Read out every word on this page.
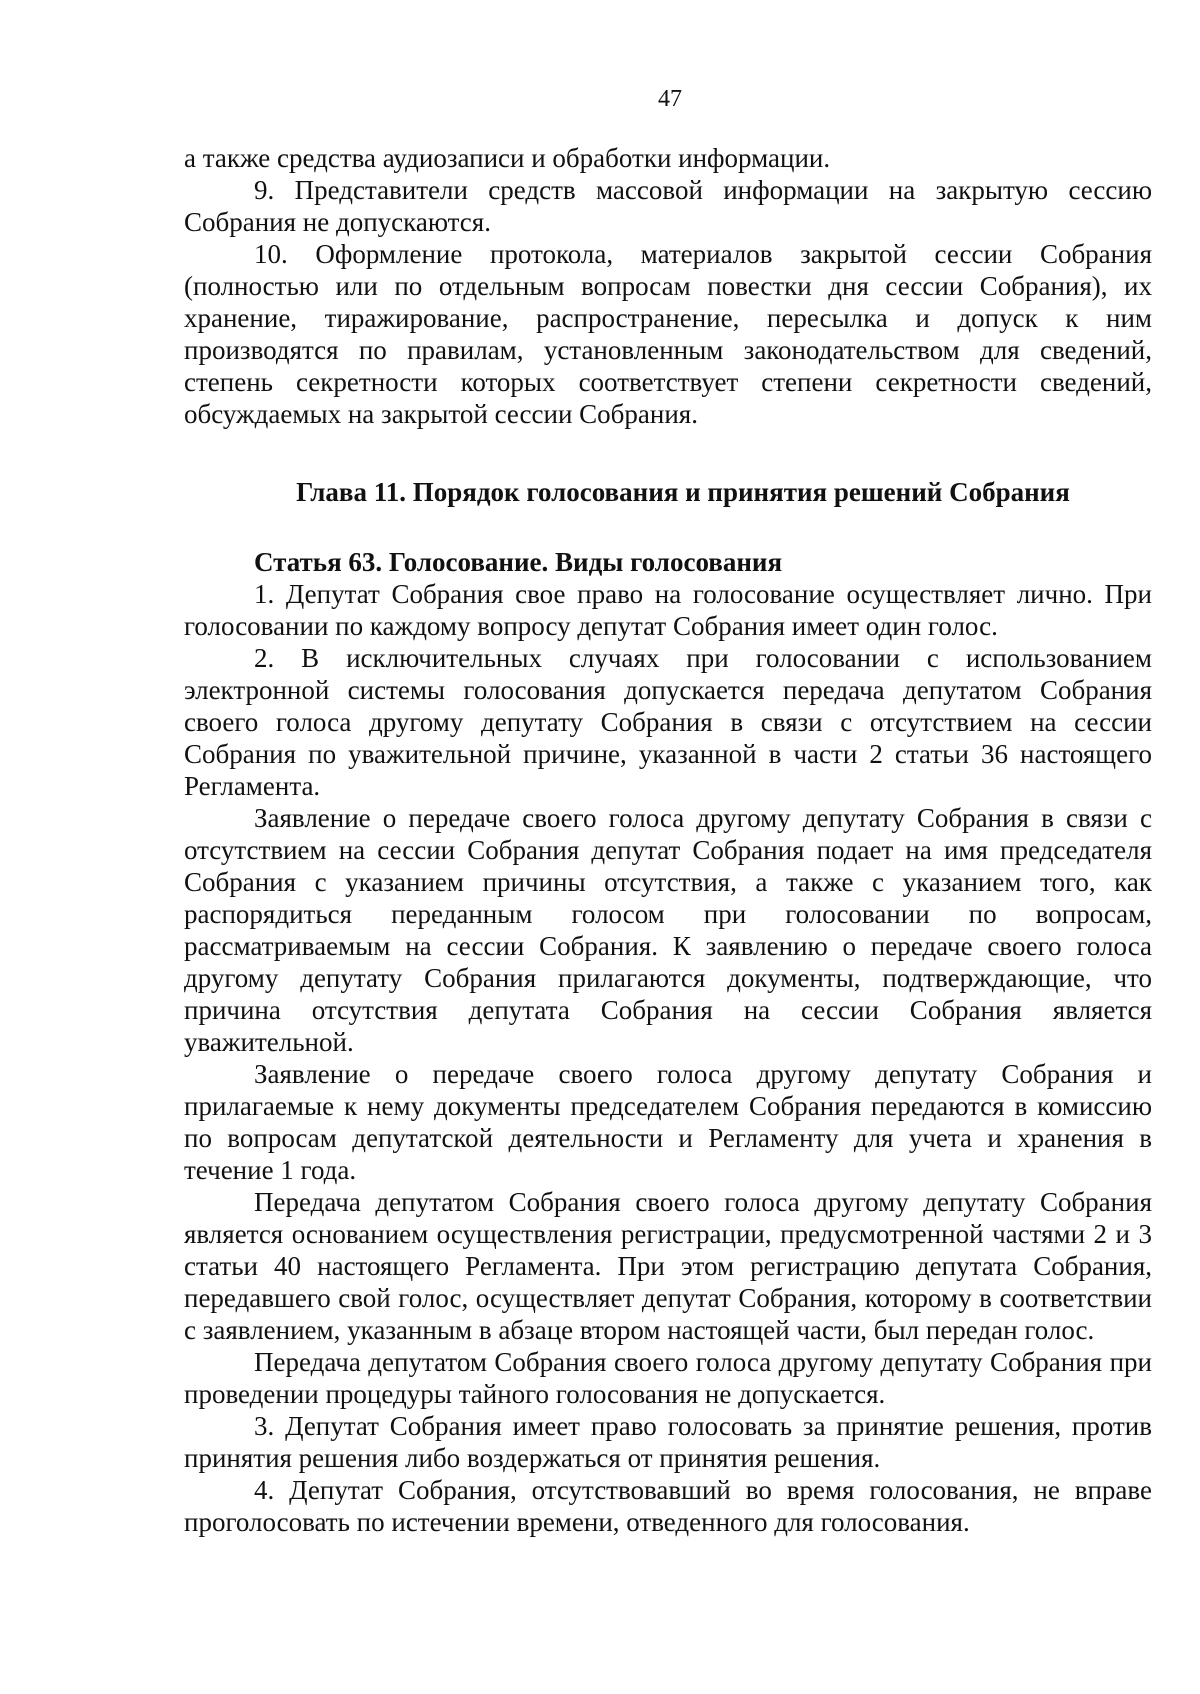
47

а также средства аудиозаписи и обработки информации.

9. Представители средств массовой информации на закрытую сессию Собрания не допускаются.

10. Оформление протокола, материалов закрытой сессии Собрания (полностью или по отдельным вопросам повестки дня сессии Собрания), их хранение, тиражирование, распространение, пересылка и допуск к ним производятся по правилам, установленным законодательством для сведений, степень секретности которых соответствует степени секретности сведений, обсуждаемых на закрытой сессии Собрания.

Глава 11. Порядок голосования и принятия решений Собрания

Статья 63. Голосование. Виды голосования

1. Депутат Собрания свое право на голосование осуществляет лично. При голосовании по каждому вопросу депутат Собрания имеет один голос.

2. В исключительных случаях при голосовании с использованием электронной системы голосования допускается передача депутатом Собрания своего голоса другому депутату Собрания в связи с отсутствием на сессии Собрания по уважительной причине, указанной в части 2 статьи 36 настоящего Регламента.

Заявление о передаче своего голоса другому депутату Собрания в связи с отсутствием на сессии Собрания депутат Собрания подает на имя председателя Собрания с указанием причины отсутствия, а также с указанием того, как распорядиться переданным голосом при голосовании по вопросам, рассматриваемым на сессии Собрания. К заявлению о передаче своего голоса другому депутату Собрания прилагаются документы, подтверждающие, что причина отсутствия депутата Собрания на сессии Собрания является уважительной.

Заявление о передаче своего голоса другому депутату Собрания и прилагаемые к нему документы председателем Собрания передаются в комиссию по вопросам депутатской деятельности и Регламенту для учета и хранения в течение 1 года.

Передача депутатом Собрания своего голоса другому депутату Собрания является основанием осуществления регистрации, предусмотренной частями 2 и 3 статьи 40 настоящего Регламента. При этом регистрацию депутата Собрания, передавшего свой голос, осуществляет депутат Собрания, которому в соответствии с заявлением, указанным в абзаце втором настоящей части, был передан голос.

Передача депутатом Собрания своего голоса другому депутату Собрания при проведении процедуры тайного голосования не допускается.

3. Депутат Собрания имеет право голосовать за принятие решения, против принятия решения либо воздержаться от принятия решения.

4. Депутат Собрания, отсутствовавший во время голосования, не вправе проголосовать по истечении времени, отведенного для голосования.
